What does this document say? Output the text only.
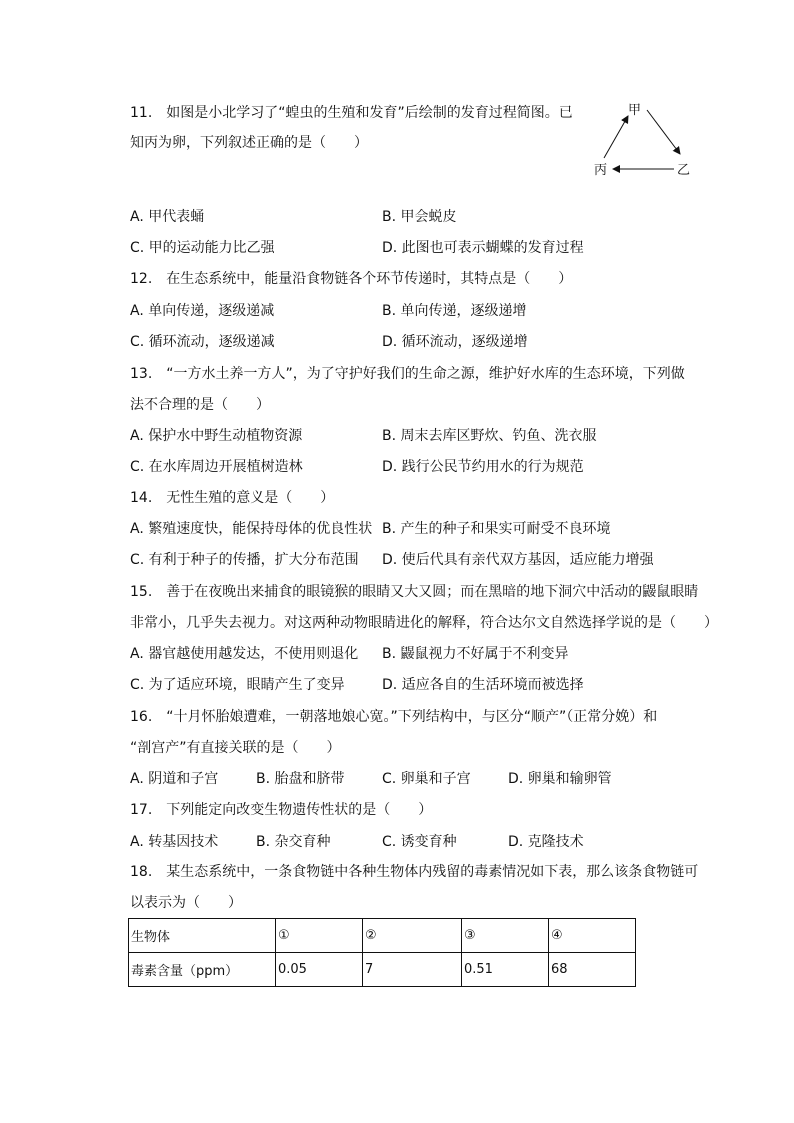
11.　如图是小北学习了“蝗虫的生殖和发育”后绘制的发育过程简图。已
知丙为卵，下列叙述正确的是（　　）
甲
乙
丙
A. 甲代表蛹	B. 甲会蜕皮
C. 甲的运动能力比乙强	D. 此图也可表示蝴蝶的发育过程
12.　在生态系统中，能量沿食物链各个环节传递时，其特点是（　　）
A. 单向传递，逐级递减	B. 单向传递，逐级递增
C. 循环流动，逐级递减	D. 循环流动，逐级递增
13.　“一方水土养一方人”，为了守护好我们的生命之源，维护好水库的生态环境，下列做
法不合理的是（　　）
A. 保护水中野生动植物资源	B. 周末去库区野炊、钓鱼、洗衣服
C. 在水库周边开展植树造林	D. 践行公民节约用水的行为规范
14.　无性生殖的意义是（　　）
A. 繁殖速度快，能保持母体的优良性状 B. 产生的种子和果实可耐受不良环境
C. 有利于种子的传播，扩大分布范围 D. 使后代具有亲代双方基因，适应能力增强
15.　善于在夜晚出来捕食的眼镜猴的眼睛又大又圆；而在黑暗的地下洞穴中活动的鼹鼠眼睛
非常小，几乎失去视力。对这两种动物眼睛进化的解释，符合达尔文自然选择学说的是（　　）
A. 器官越使用越发达，不使用则退化 B. 鼹鼠视力不好属于不利变异
C. 为了适应环境，眼睛产生了变异	D. 适应各自的生活环境而被选择
16.　“十月怀胎娘遭难，一朝落地娘心宽。”下列结构中，与区分“顺产”（正常分娩）和
“剖宫产”有直接关联的是（　　）
A. 阴道和子宫	B. 胎盘和脐带	C. 卵巢和子宫	D. 卵巢和输卵管
17.　下列能定向改变生物遗传性状的是（　　）
A. 转基因技术	B. 杂交育种	C. 诱变育种	D. 克隆技术
18.　某生态系统中，一条食物链中各种生物体内残留的毒素情况如下表，那么该条食物链可
以表示为（　　）
生物体	①	②	③	④
毒素含量（ppm）	0.05	7	0.51	68
